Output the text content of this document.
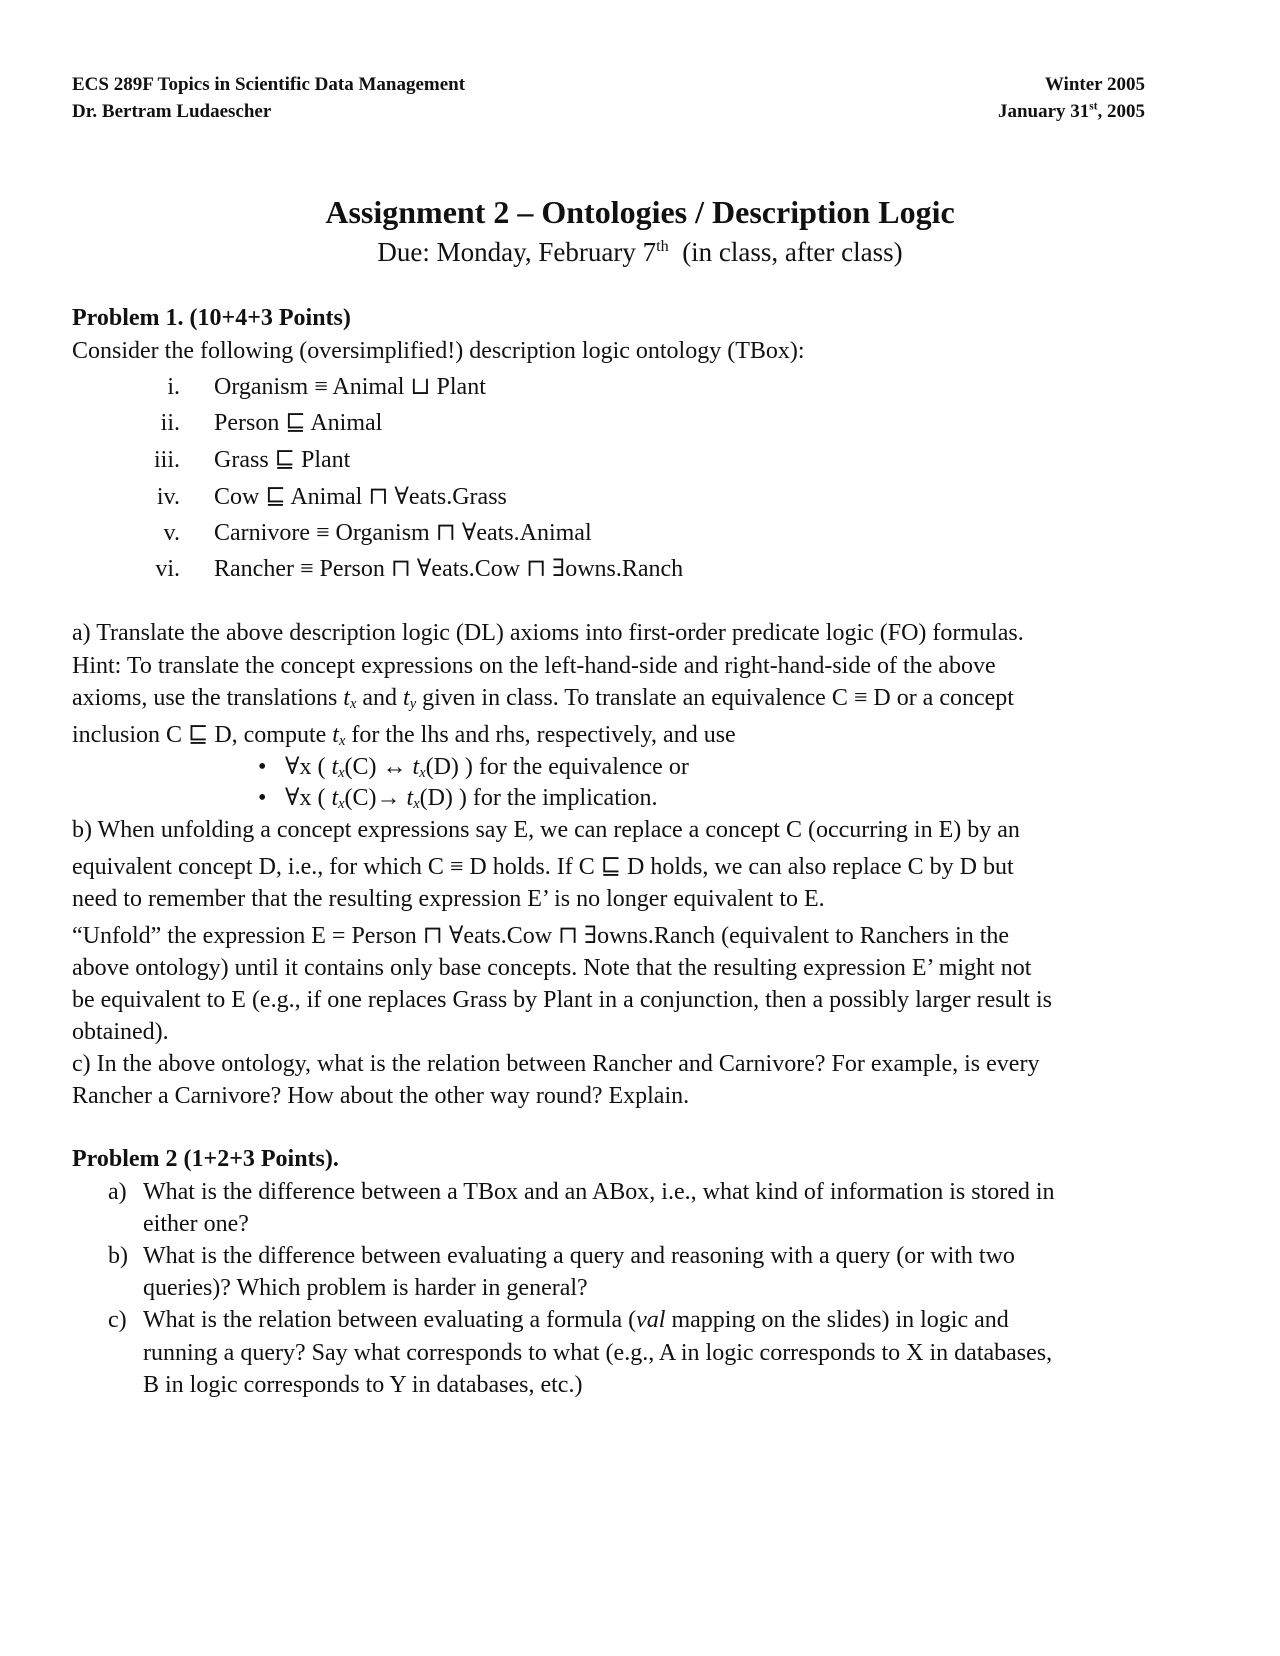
ECS 289F Topics in Scientific Data Management
Dr. Bertram Ludaescher
Winter 2005
January 31st, 2005
Assignment 2 – Ontologies / Description Logic
Due: Monday, February 7th  (in class, after class)
Problem 1. (10+4+3 Points)
Consider the following (oversimplified!) description logic ontology (TBox):
i. Organism ≡ Animal ⊔ Plant
ii. Person ⊑ Animal
iii. Grass ⊑ Plant
iv. Cow ⊑ Animal ⊓ ∀eats.Grass
v. Carnivore ≡ Organism ⊓ ∀eats.Animal
vi. Rancher ≡ Person ⊓ ∀eats.Cow ⊓ ∃owns.Ranch
a) Translate the above description logic (DL) axioms into first-order predicate logic (FO) formulas.
Hint: To translate the concept expressions on the left-hand-side and right-hand-side of the above
axioms, use the translations tx and ty given in class. To translate an equivalence C ≡ D or a concept
inclusion C ⊑ D, compute tx for the lhs and rhs, respectively, and use
• ∀x ( tx(C) ↔ tx(D) ) for the equivalence or
• ∀x ( tx(C)→ tx(D) ) for the implication.
b) When unfolding a concept expressions say E, we can replace a concept C (occurring in E) by an
equivalent concept D, i.e., for which C ≡ D holds. If C ⊑ D holds, we can also replace C by D but
need to remember that the resulting expression E’ is no longer equivalent to E.
“Unfold” the expression E = Person ⊓ ∀eats.Cow ⊓ ∃owns.Ranch (equivalent to Ranchers in the
above ontology) until it contains only base concepts. Note that the resulting expression E’ might not
be equivalent to E (e.g., if one replaces Grass by Plant in a conjunction, then a possibly larger result is
obtained).
c) In the above ontology, what is the relation between Rancher and Carnivore? For example, is every
Rancher a Carnivore? How about the other way round? Explain.
Problem 2 (1+2+3 Points).
a) What is the difference between a TBox and an ABox, i.e., what kind of information is stored in
either one?
b) What is the difference between evaluating a query and reasoning with a query (or with two
queries)? Which problem is harder in general?
c) What is the relation between evaluating a formula (val mapping on the slides) in logic and
running a query? Say what corresponds to what (e.g., A in logic corresponds to X in databases,
B in logic corresponds to Y in databases, etc.)
